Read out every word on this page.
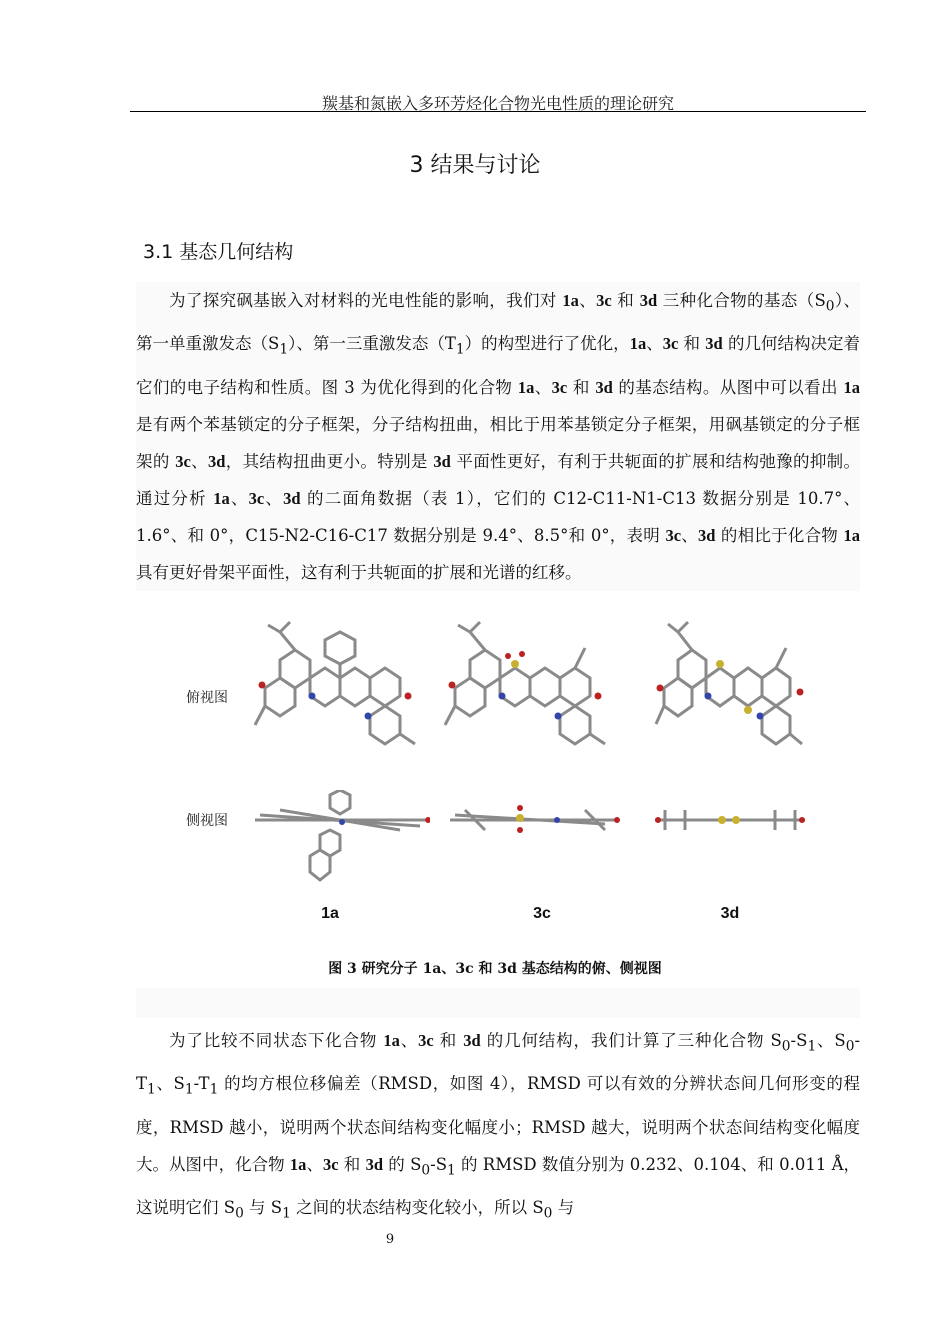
羰基和氮嵌入多环芳烃化合物光电性质的理论研究
3 结果与讨论
3.1 基态几何结构

为了探究砜基嵌入对材料的光电性能的影响，我们对 1a、3c 和 3d 三种化合物的基态$(S_0)$、第一单重激发态$(S_1)$、第一三重激发态$(T_1)$的构型进行了优化，1a、3c 和 3d 的几何结构决定着它们的电子结构和性质。图 3 为优化得到的化合物 1a、3c 和 3d 的基态结构。从图中可以看出 1a 是有两个苯基锁定的分子框架，分子结构扭曲，相比于用苯基锁定分子框架，用砜基锁定的分子框架的 3c、3d，其结构扭曲更小。特别是 3d 平面性更好，有利于共轭面的扩展和结构弛豫的抑制。通过分析 1a、3c、3d 的二面角数据（表 1），它们的 C12-C11-N1-C13 数据分别是 10.7°、1.6°、和 0°，C15-N2-C16-C17 数据分别是 9.4°、8.5°和 0°，表明 3c、3d 的相比于化合物 1a 具有更好骨架平面性，这有利于共轭面的扩展和光谱的红移。

俯视图
侧视图
1a	3c	3d
图 3 研究分子 1a、3c 和 3d 基态结构的俯、侧视图

为了比较不同状态下化合物 1a、3c 和 3d 的几何结构，我们计算了三种化合物 $S_0-S_1$、$S_0-T_1$、$S_1-T_1$ 的均方根位移偏差（RMSD，如图 4），RMSD 可以有效的分辨状态间几何形变的程度，RMSD 越小，说明两个状态间结构变化幅度小；RMSD 越大，说明两个状态间结构变化幅度大。从图中，化合物 1a、3c 和 3d 的 $S_0-S_1$ 的 RMSD 数值分别为 0.232、0.104、和 0.011 Å，这说明它们 $S_0$ 与 $S_1$ 之间的状态结构变化较小，所以 $S_0$ 与

9
